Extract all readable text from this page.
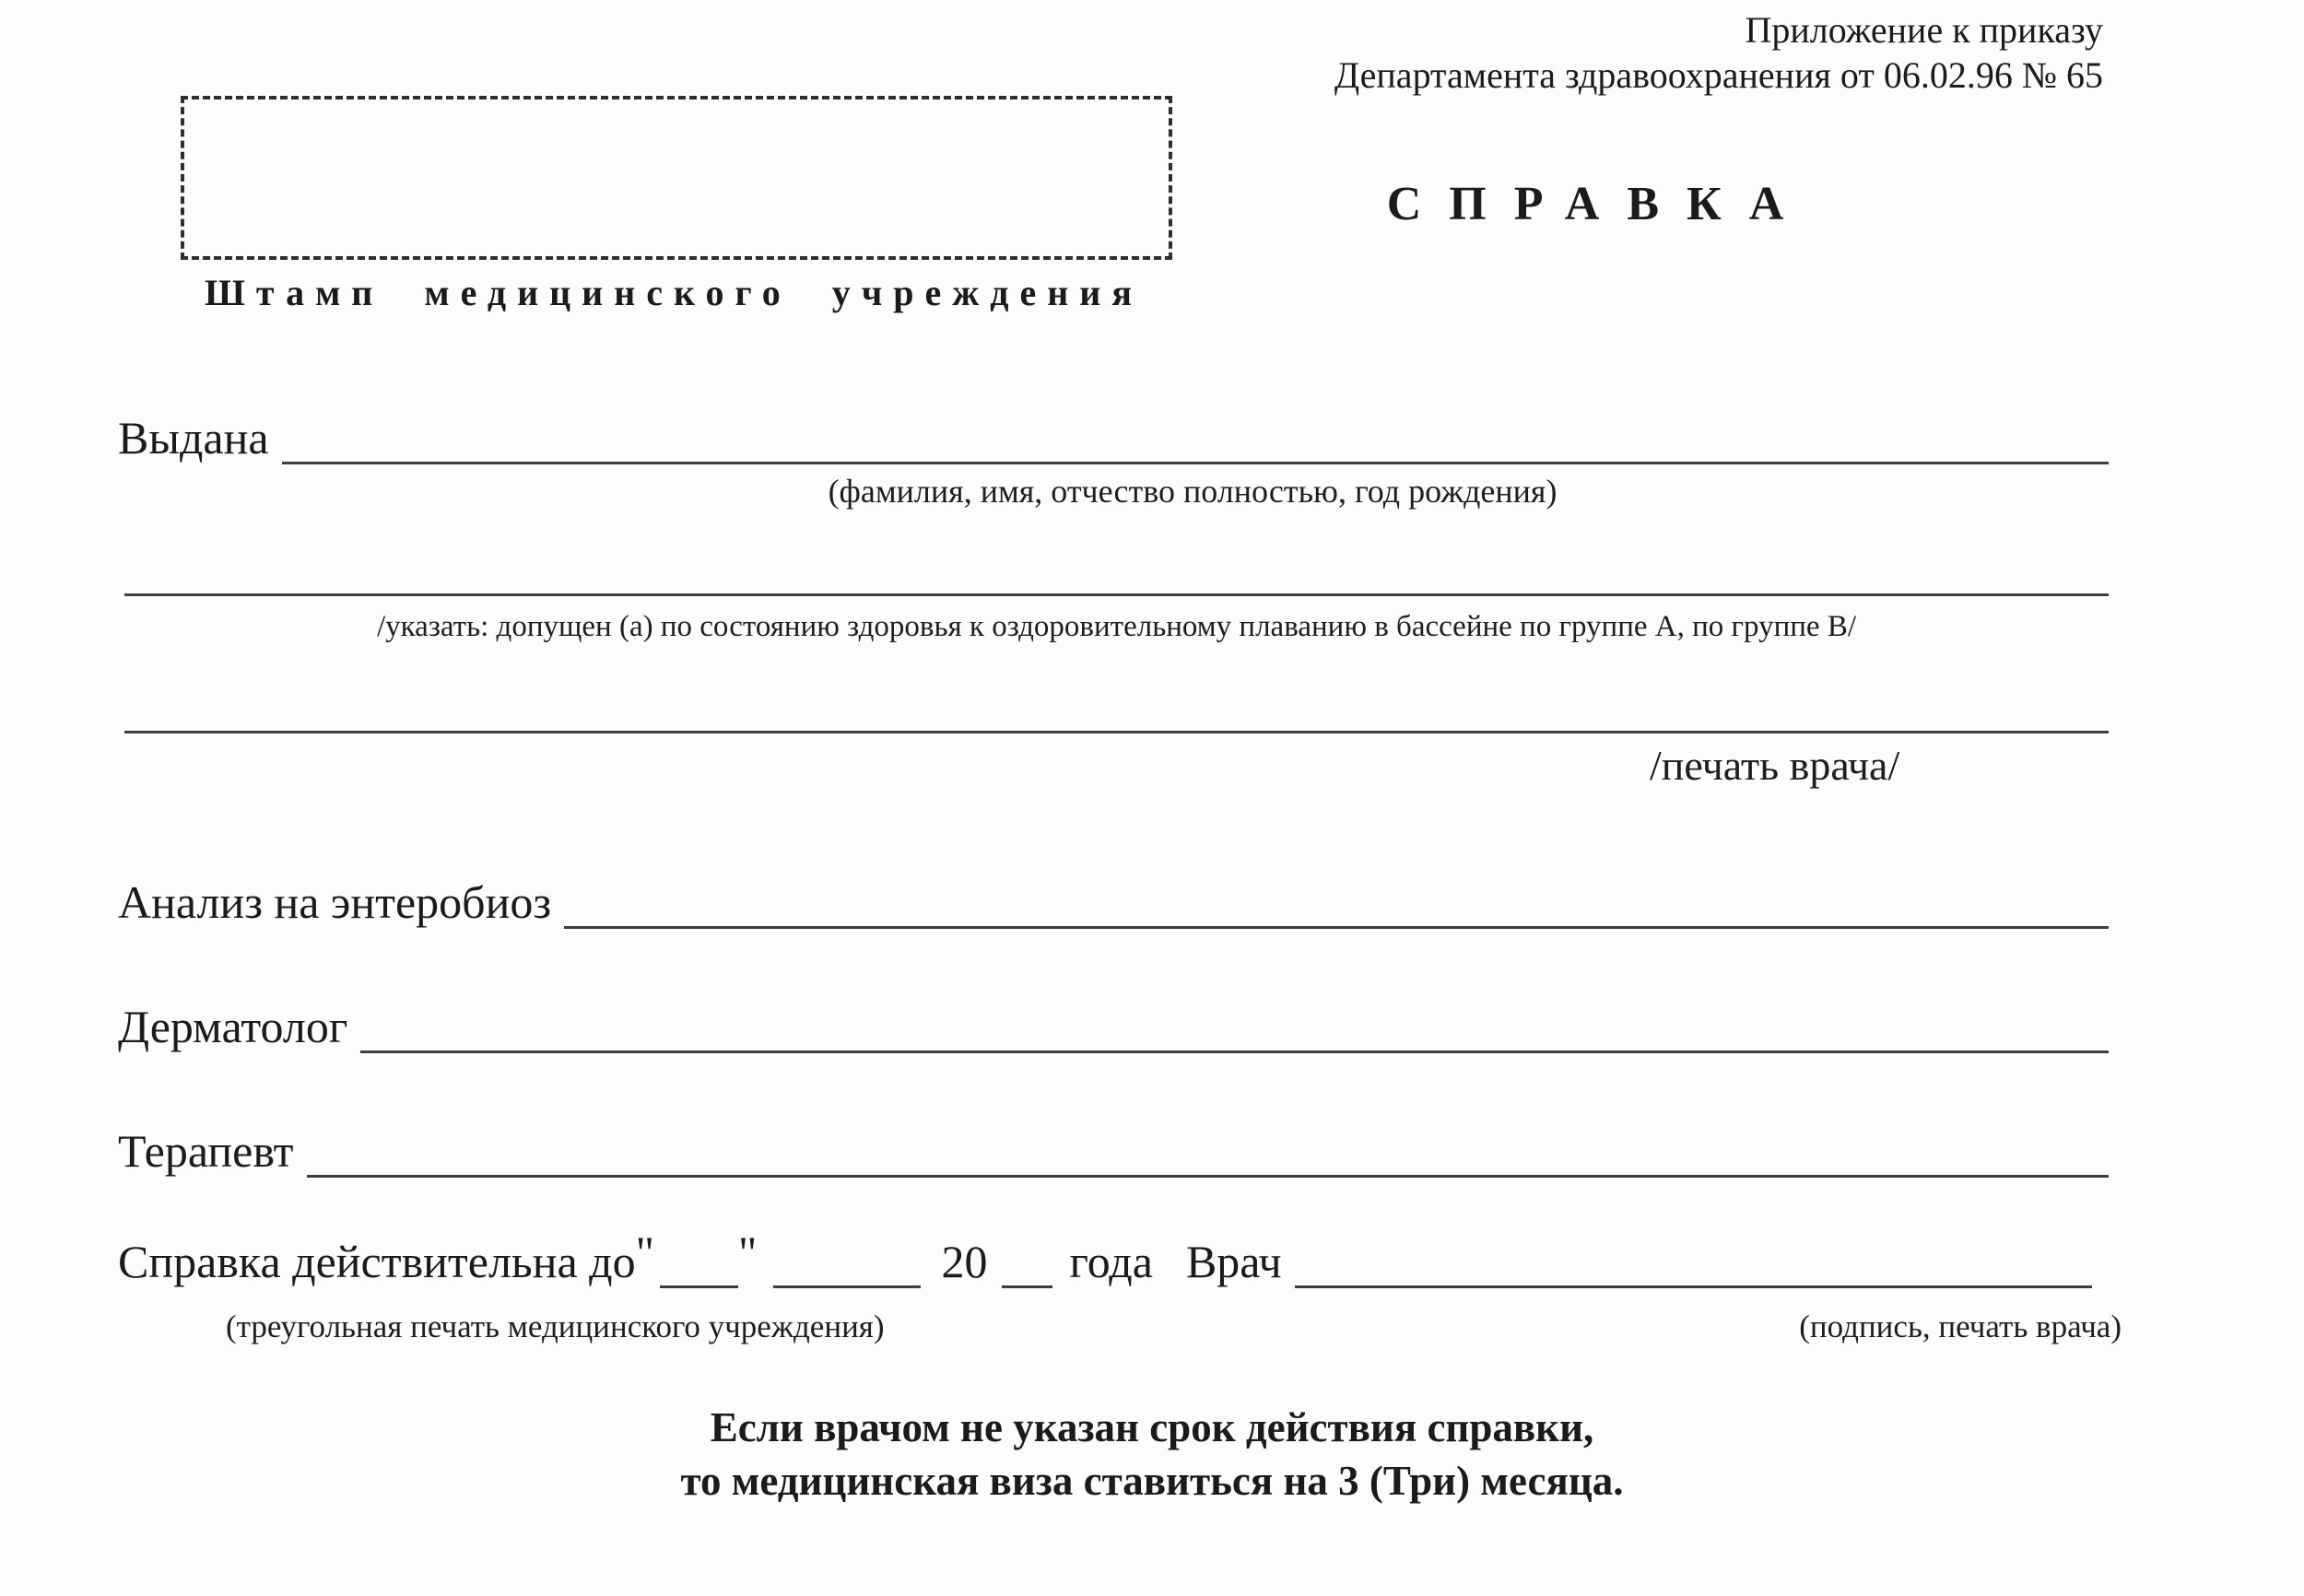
Приложение к приказу
Департамента здравоохранения от 06.02.96 № 65
Штамп медицинского учреждения
СПРАВКА
Выдана
(фамилия, имя, отчество полностью, год рождения)
/указать: допущен (а) по состоянию здоровья к оздоровительному плаванию в бассейне по группе А, по группе В/
/печать врача/
Анализ на энтеробиоз
Дерматолог
Терапевт
Справка действительна до " "	20 года Врач
(треугольная печать медицинского учреждения)	(подпись, печать врача)
Если врачом не указан срок действия справки,
то медицинская виза ставиться на 3 (Три) месяца.
